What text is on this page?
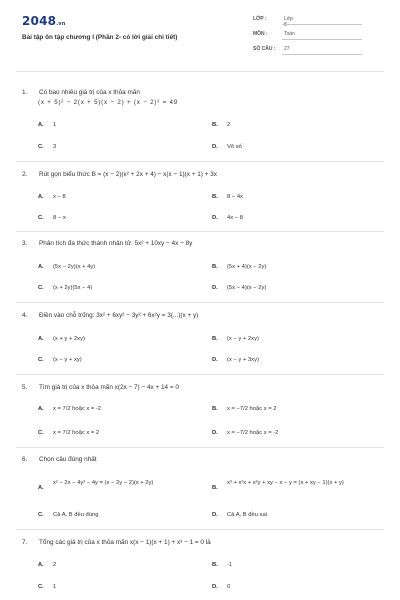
2048.vn
Bài tập ôn tập chương I (Phần 2- có lời giải chi tiết)
LỚP :	Lớp 8
MÔN :	Toán
SỐ CÂU :	27
1. Có bao nhiêu giá trị của x thỏa mãn
(x + 5)² − 2(x + 5)(x − 2) + (x − 2)² = 49
A. 1	B. 2
C. 3	D. Vô số
2. Rút gọn biểu thức B = (x − 2)(x² + 2x + 4) − x(x − 1)(x + 1) + 3x
A. x − 8	B. 8 − 4x
C. 8 − x	D. 4x − 8
3. Phân tích đa thức thành nhân tử: 5x² + 10xy − 4x − 8y
A. (5x − 2y)(x + 4y)	B. (5x + 4)(x − 2y)
C. (x + 2y)(5x − 4)	D. (5x − 4)(x − 2y)
4. Điền vào chỗ trống: 3x² + 6xy² − 3y² + 6x²y = 3(...)(x + y)
A. (x + y + 2xy)	B. (x − y + 2xy)
C. (x − y + xy)	D. (x − y + 3xy)
5. Tìm giá trị của x thỏa mãn x(2x − 7) − 4x + 14 = 0
A. x = 7/2 hoặc x = -2	B. x = −7/2 hoặc x = 2
C. x = 7/2 hoặc x = 2	D. x = −7/2 hoặc x = -2
6. Chọn câu đúng nhất
A.
x² − 2x − 4y² − 4y = (x − 2y − 2)(x + 2y)
B.
x³ + x²x + x²y + xy − x − y = (x + xy − 1)(x + y)
C. Cả A, B đều đúng	D. Cả A, B đều sai
7. Tổng các giá trị của x thỏa mãn x(x − 1)(x + 1) + x³ − 1 = 0 là
A. 2	B. -1
C. 1	D. 0
